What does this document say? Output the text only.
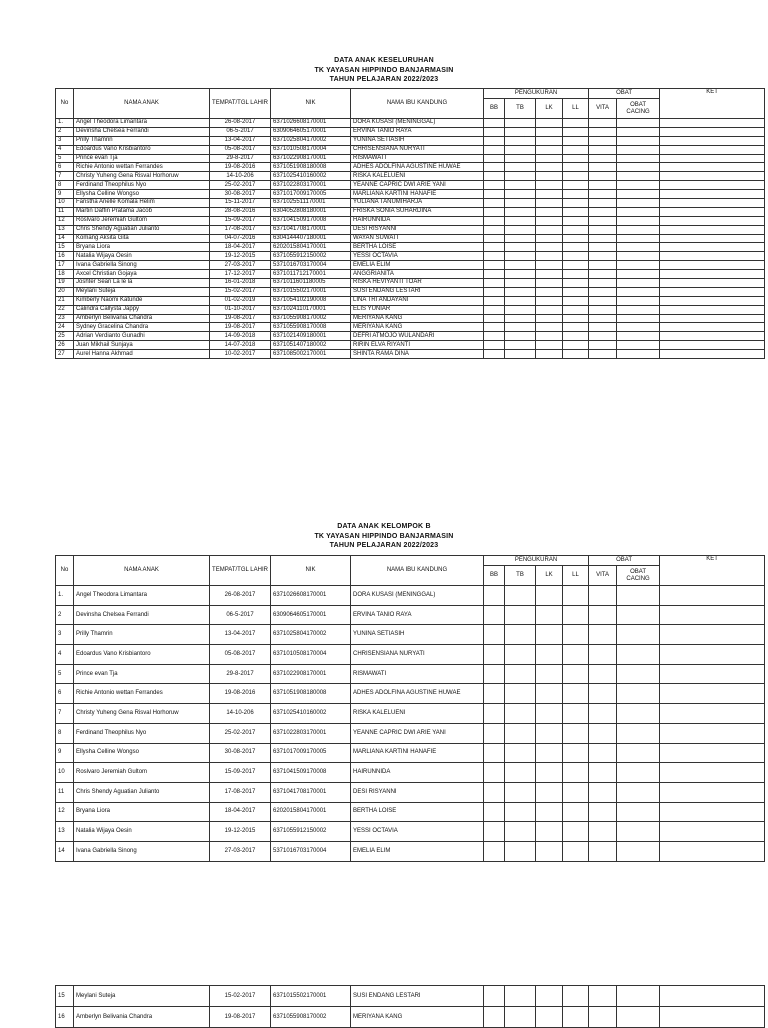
DATA ANAK KESELURUHAN
TK YAYASAN HIPPINDO BANJARMASIN
TAHUN PELAJARAN 2022/2023
No	NAMA ANAK	TEMPAT/TGL LAHIR	NIK	NAMA IBU KANDUNG	PENGUKURAN				OBAT		KET
					BB	TB	LK	LL	VITA	OBAT CACING	
1.	Angel Theodora Limantara	26-08-2017	6371026608170001	DORA KUSASI (MENINGGAL)							
2	Devinsha Chelsea Ferrandi	06-5-2017	6309064605170001	ERVINA TANIO RAYA							
3	Prilly Thamrin	13-04-2017	6371025804170002	YUNINA SETIASIH							
4	Edoardus Vano Krisbiantoro	05-08-2017	6371010508170004	CHRISENSIANA NURYATI							
5	Prince evan Tja	29-8-2017	6371022908170001	RISMAWATI							
6	Richie Antonio wettan Ferrandes	19-08-2016	6371051908180008	ADHES ADOLFINA AGUSTINE HUWAE							
7	Christy Yuheng Gena Risval Horhoruw	14-10-206	6371025410160002	RISKA KALELUENI							
8	Ferdinand Theophilus Nyo	25-02-2017	6371022803170001	YEANNE CAPRIC DWI ARIE YANI							
9	Ellysha Celline Wongso	30-08-2017	6371017009170005	MARLIANA KARTINI HANAFIE							
10	Faristha Anelle Komala Helim	15-11-2017	6371025511170001	YULIANA TANUMIHARJA							
11	Martin Daffin Pratama Jacob	28-08-2016	6304052808180001	FRISKA SONIA SUHARDINA							
12	Roslvaro Jeremiah Gultom	15-09-2017	6371041509170008	HAIRUNNIDA							
13	Chris Shendy Aguatian Julianto	17-08-2017	6371041708170001	DESI RISYANNI							
14	Komang Aksita Gita	04-07-2016	6304144407180001	WAYAN SUWATI							
15	Bryana Liora	18-04-2017	6202015804170001	BERTHA LOISE							
16	Natalia Wijaya Oesin	19-12-2015	6371055912150002	YESSI OCTAVIA							
17	Ivana Gabriella Sinong	27-03-2017	5371016703170004	EMELIA ELIM							
18	Axcel Christian Gojaya	17-12-2017	6371011712170001	ANGGRIANITA							
19	Joshter Sean La le la	16-01-2018	6371011601180005	RISKA HEVIYANTI TOAR							
20	Meylani Suteja	15-02-2017	6371015502170001	SUSI ENDANG LESTARI							
21	Kimberly Naomi Katunde	01-02-2019	6371054102190008	LINA TRI ANDAYANI							
22	Calindra Callysta Jappy	01-10-2017	6371024110170001	ELIS YUNIAR							
23	Amberlyn Belivania Chandra	19-08-2017	6371055908170002	MERIYANA KANG							
24	Sydney Gracelina Chandra	19-08-2017	6371055908170008	MERIYANA KANG							
25	Adrian Verdianto Gunadhi	14-09-2018	6371021409180001	DEFRI ATMOJO WULANDARI							
26	Juan Mikhail Sunjaya	14-07-2018	6371051407180002	RIRIN ELVA RIYANTI							
27	Aurel Hanna Akhmad	10-02-2017	6371085002170001	SHINTA RAMA DINA							
DATA ANAK KELOMPOK B
TK YAYASAN HIPPINDO BANJARMASIN
TAHUN PELAJARAN 2022/2023
No	NAMA ANAK	TEMPAT/TGL LAHIR	NIK	NAMA IBU KANDUNG	PENGUKURAN				OBAT		KET
					BB	TB	LK	LL	VITA	OBAT CACING	
1.	Angel Theodora Limantara	26-08-2017	6371026608170001	DORA KUSASI (MENINGGAL)							
2	Devinsha Chelsea Ferrandi	06-5-2017	6309064605170001	ERVINA TANIO RAYA							
3	Prilly Thamrin	13-04-2017	6371025804170002	YUNINA SETIASIH							
4	Edoardus Vano Krisbiantoro	05-08-2017	6371010508170004	CHRISENSIANA NURYATI							
5	Prince evan Tja	29-8-2017	6371022908170001	RISMAWATI							
6	Richie Antonio wettan Ferrandes	19-08-2016	6371051908180008	ADHES ADOLFINA AGUSTINE HUWAE							
7	Christy Yuheng Gena Risval Horhoruw	14-10-206	6371025410160002	RISKA KALELUENI							
8	Ferdinand Theophilus Nyo	25-02-2017	6371022803170001	YEANNE CAPRIC DWI ARIE YANI							
9	Ellysha Celline Wongso	30-08-2017	6371017009170005	MARLIANA KARTINI HANAFIE							
10	Roslvaro Jeremiah Gultom	15-09-2017	6371041509170008	HAIRUNNIDA							
11	Chris Shendy Aguatian Julianto	17-08-2017	6371041708170001	DESI RISYANNI							
12	Bryana Liora	18-04-2017	6202015804170001	BERTHA LOISE							
13	Natalia Wijaya Oesin	19-12-2015	6371055912150002	YESSI OCTAVIA							
14	Ivana Gabriella Sinong	27-03-2017	5371016703170004	EMELIA ELIM							
15	Meylani Suteja	15-02-2017	6371015502170001	SUSI ENDANG LESTARI							
16	Amberlyn Belivania Chandra	19-08-2017	6371055908170002	MERIYANA KANG							
